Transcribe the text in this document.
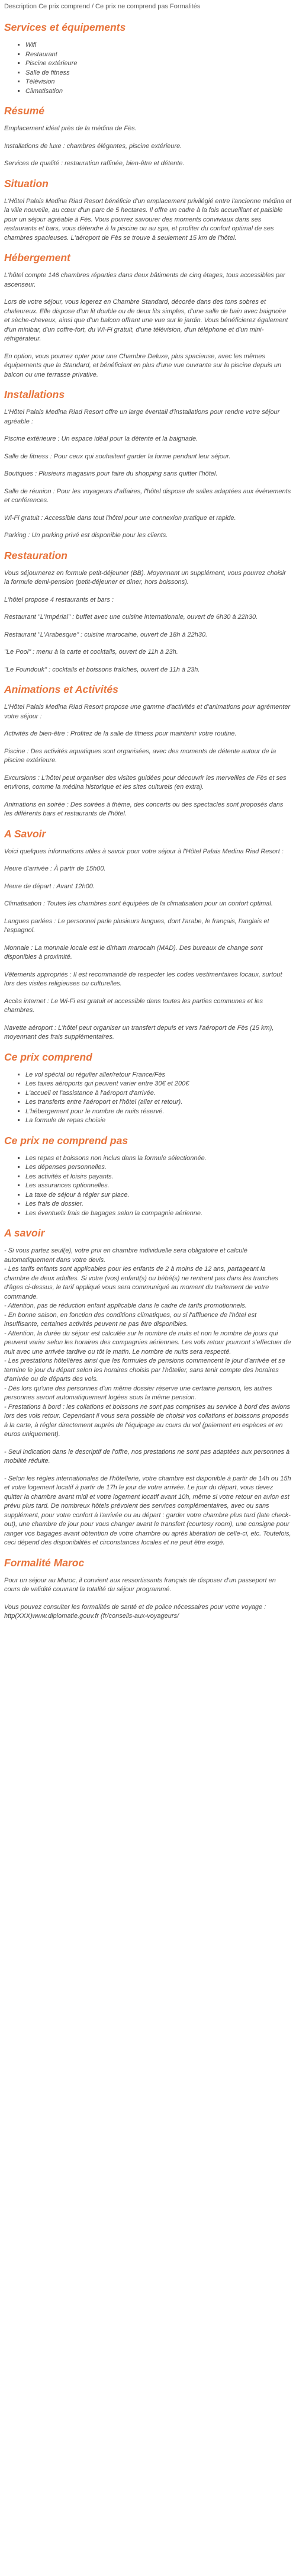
Description Ce prix comprend / Ce prix ne comprend pas Formalités
Services et équipements
▪ Wifi
▪ Restaurant
▪ Piscine extérieure
▪ Salle de fitness
▪ Télévision
▪ Climatisation
Résumé

Emplacement idéal près de la médina de Fès.

Installations de luxe : chambres élégantes, piscine extérieure.

Services de qualité : restauration raffinée, bien-être et détente.

Situation

L'Hôtel Palais Medina Riad Resort bénéficie d'un emplacement privilégié entre l'ancienne médina et la ville nouvelle, au cœur d'un parc de 5 hectares. Il offre un cadre à la fois accueillant et paisible pour un séjour agréable à Fès. Vous pourrez savourer des moments conviviaux dans ses restaurants et bars, vous détendre à la piscine ou au spa, et profiter du confort optimal de ses chambres spacieuses. L'aéroport de Fès se trouve à seulement 15 km de l'hôtel.

Hébergement

L'hôtel compte 146 chambres réparties dans deux bâtiments de cinq étages, tous accessibles par ascenseur.

Lors de votre séjour, vous logerez en Chambre Standard, décorée dans des tons sobres et chaleureux. Elle dispose d'un lit double ou de deux lits simples, d'une salle de bain avec baignoire et sèche-cheveux, ainsi que d'un balcon offrant une vue sur le jardin. Vous bénéficierez également d'un minibar, d'un coffre-fort, du Wi-Fi gratuit, d'une télévision, d'un téléphone et d'un mini-réfrigérateur.

En option, vous pourrez opter pour une Chambre Deluxe, plus spacieuse, avec les mêmes équipements que la Standard, et bénéficiant en plus d'une vue ouvrante sur la piscine depuis un balcon ou une terrasse privative.

Installations

L'Hôtel Palais Medina Riad Resort offre un large éventail d'installations pour rendre votre séjour agréable :

Piscine extérieure : Un espace idéal pour la détente et la baignade.

Salle de fitness : Pour ceux qui souhaitent garder la forme pendant leur séjour.

Boutiques : Plusieurs magasins pour faire du shopping sans quitter l'hôtel.

Salle de réunion : Pour les voyageurs d'affaires, l'hôtel dispose de salles adaptées aux événements et conférences.

Wi-Fi gratuit : Accessible dans tout l'hôtel pour une connexion pratique et rapide.

Parking : Un parking privé est disponible pour les clients.

Restauration

Vous séjournerez en formule petit-déjeuner (BB). Moyennant un supplément, vous pourrez choisir la formule demi-pension (petit-déjeuner et dîner, hors boissons).

L'hôtel propose 4 restaurants et bars :

Restaurant "L'Impérial" : buffet avec une cuisine internationale, ouvert de 6h30 à 22h30.

Restaurant "L'Arabesque" : cuisine marocaine, ouvert de 18h à 22h30.

"Le Pool" : menu à la carte et cocktails, ouvert de 11h à 23h.

"Le Foundouk" : cocktails et boissons fraîches, ouvert de 11h à 23h.

Animations et Activités

L'Hôtel Palais Medina Riad Resort propose une gamme d'activités et d'animations pour agrémenter votre séjour :

Activités de bien-être : Profitez de la salle de fitness pour maintenir votre routine.

Piscine : Des activités aquatiques sont organisées, avec des moments de détente autour de la piscine extérieure.

Excursions : L'hôtel peut organiser des visites guidées pour découvrir les merveilles de Fès et ses environs, comme la médina historique et les sites culturels (en extra).

Animations en soirée : Des soirées à thème, des concerts ou des spectacles sont proposés dans les différents bars et restaurants de l'hôtel.

A Savoir

Voici quelques informations utiles à savoir pour votre séjour à l'Hôtel Palais Medina Riad Resort :

Heure d'arrivée : À partir de 15h00.

Heure de départ : Avant 12h00.

Climatisation : Toutes les chambres sont équipées de la climatisation pour un confort optimal.

Langues parlées : Le personnel parle plusieurs langues, dont l'arabe, le français, l'anglais et l'espagnol.

Monnaie : La monnaie locale est le dirham marocain (MAD). Des bureaux de change sont disponibles à proximité.

Vêtements appropriés : Il est recommandé de respecter les codes vestimentaires locaux, surtout lors des visites religieuses ou culturelles.

Accès internet : Le Wi-Fi est gratuit et accessible dans toutes les parties communes et les chambres.

Navette aéroport : L'hôtel peut organiser un transfert depuis et vers l'aéroport de Fès (15 km), moyennant des frais supplémentaires.

Ce prix comprend
▪ Le vol spécial ou régulier aller/retour France/Fès
▪ Les taxes aéroports qui peuvent varier entre 30€ et 200€
▪ L'accueil et l'assistance à l'aéroport d'arrivée.
▪ Les transferts entre l'aéroport et l'hôtel (aller et retour).
▪ L'hébergement pour le nombre de nuits réservé.
▪ La formule de repas choisie
Ce prix ne comprend pas
▪ Les repas et boissons non inclus dans la formule sélectionnée.
▪ Les dépenses personnelles.
▪ Les activités et loisirs payants.
▪ Les assurances optionnelles.
▪ La taxe de séjour à régler sur place.
▪ Les frais de dossier.
▪ Les éventuels frais de bagages selon la compagnie aérienne.
A savoir

- Si vous partez seul(e), votre prix en chambre individuelle sera obligatoire et calculé automatiquement dans votre devis.
- Les tarifs enfants sont applicables pour les enfants de 2 à moins de 12 ans, partageant la chambre de deux adultes. Si votre (vos) enfant(s) ou bébé(s) ne rentrent pas dans les tranches d'âges ci-dessus, le tarif appliqué vous sera communiqué au moment du traitement de votre commande.
- Attention, pas de réduction enfant applicable dans le cadre de tarifs promotionnels.
- En bonne saison, en fonction des conditions climatiques, ou si l'affluence de l'hôtel est insuffisante, certaines activités peuvent ne pas être disponibles.
- Attention, la durée du séjour est calculée sur le nombre de nuits et non le nombre de jours qui peuvent varier selon les horaires des compagnies aériennes. Les vols retour pourront s'effectuer de nuit avec une arrivée tardive ou tôt le matin. Le nombre de nuits sera respecté.
- Les prestations hôtelières ainsi que les formules de pensions commencent le jour d'arrivée et se termine le jour du départ selon les horaires choisis par l'hôtelier, sans tenir compte des horaires d'arrivée ou de départs des vols.
- Dès lors qu'une des personnes d'un même dossier réserve une certaine pension, les autres personnes seront automatiquement logées sous la même pension.
- Prestations à bord : les collations et boissons ne sont pas comprises au service à bord des avions lors des vols retour. Cependant il vous sera possible de choisir vos collations et boissons proposés à la carte, à régler directement auprès de l'équipage au cours du vol (paiement en espèces et en euros uniquement).

- Seul indication dans le descriptif de l'offre, nos prestations ne sont pas adaptées aux personnes à mobilité réduite.

- Selon les règles internationales de l'hôtellerie, votre chambre est disponible à partir de 14h ou 15h et votre logement locatif à partir de 17h le jour de votre arrivée. Le jour du départ, vous devez quitter la chambre avant midi et votre logement locatif avant 10h, même si votre retour en avion est prévu plus tard. De nombreux hôtels prévoient des services complémentaires, avec ou sans supplément, pour votre confort à l'arrivée ou au départ : garder votre chambre plus tard (late check-out), une chambre de jour pour vous changer avant le transfert (courtesy room), une consigne pour ranger vos bagages avant obtention de votre chambre ou après libération de celle-ci, etc. Toutefois, ceci dépend des disponibilités et circonstances locales et ne peut être exigé.

Formalité Maroc

Pour un séjour au Maroc, il convient aux ressortissants français de disposer d'un passeport en cours de validité couvrant la totalité du séjour programmé.

Vous pouvez consulter les formalités de santé et de police nécessaires pour votre voyage : http(XXX)www.diplomatie.gouv.fr (fr/conseils-aux-voyageurs/
